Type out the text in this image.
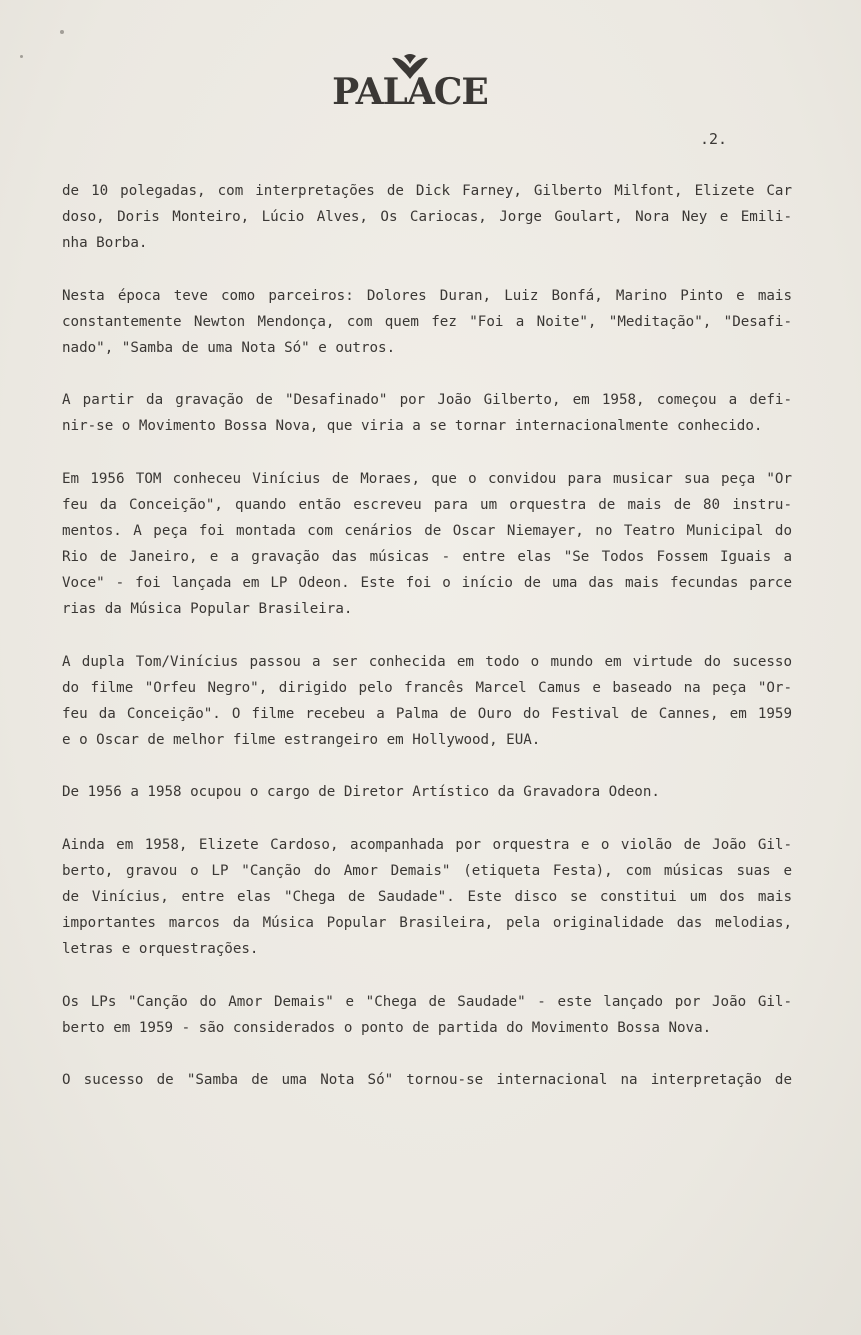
PALACE
.2.
de 10 polegadas, com interpretações de Dick Farney, Gilberto Milfont, Elizete Car
doso, Doris Monteiro, Lúcio Alves, Os Cariocas, Jorge Goulart, Nora Ney e Emili-
nha Borba.
Nesta época teve como parceiros: Dolores Duran, Luiz Bonfá, Marino Pinto e mais
constantemente Newton Mendonça, com quem fez "Foi a Noite", "Meditação", "Desafi-
nado", "Samba de uma Nota Só" e outros.
A partir da gravação de "Desafinado" por João Gilberto, em 1958, começou a defi-
nir-se o Movimento Bossa Nova, que viria a se tornar internacionalmente conhecido.
Em 1956 TOM conheceu Vinícius de Moraes, que o convidou para musicar sua peça "Or
feu da Conceição", quando então escreveu para um orquestra de mais de 80 instru-
mentos. A peça foi montada com cenários de Oscar Niemayer, no Teatro Municipal do
Rio de Janeiro, e a gravação das músicas - entre elas "Se Todos Fossem Iguais a
Voce" - foi lançada em LP Odeon. Este foi o início de uma das mais fecundas parce
rias da Música Popular Brasileira.
A dupla Tom/Vinícius passou a ser conhecida em todo o mundo em virtude do sucesso
do filme "Orfeu Negro", dirigido pelo francês Marcel Camus e baseado na peça "Or-
feu da Conceição". O filme recebeu a Palma de Ouro do Festival de Cannes, em 1959
e o Oscar de melhor filme estrangeiro em Hollywood, EUA.
De 1956 a 1958 ocupou o cargo de Diretor Artístico da Gravadora Odeon.
Ainda em 1958, Elizete Cardoso, acompanhada por orquestra e o violão de João Gil-
berto, gravou o LP "Canção do Amor Demais" (etiqueta Festa), com músicas suas e
de Vinícius, entre elas "Chega de Saudade". Este disco se constitui um dos mais
importantes marcos da Música Popular Brasileira, pela originalidade das melodias,
letras e orquestrações.
Os LPs "Canção do Amor Demais" e "Chega de Saudade" - este lançado por João Gil-
berto em 1959 - são considerados o ponto de partida do Movimento Bossa Nova.
O sucesso de "Samba de uma Nota Só" tornou-se internacional na interpretação de
